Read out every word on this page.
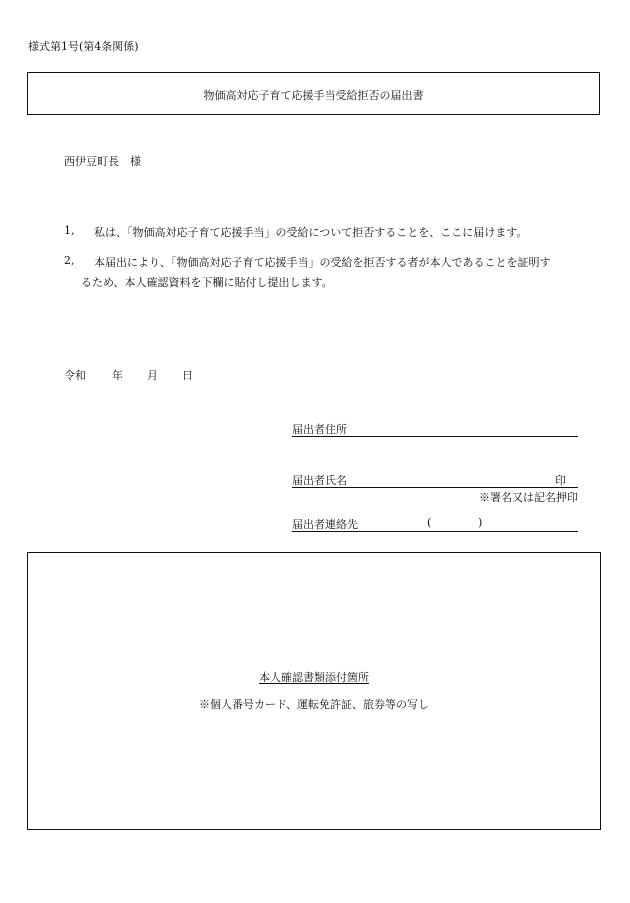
様式第1号(第4条関係)
物価高対応子育て応援手当受給拒否の届出書
西伊豆町長　様
1, 私は、「物価高対応子育て応援手当」の受給について拒否することを、ここに届けます。
2, 本届出により、「物価高対応子育て応援手当」の受給を拒否する者が本人であることを証明す
るため、本人確認資料を下欄に貼付し提出します。
令和 年 月 日
届出者住所
届出者氏名	印
※署名又は記名押印
届出者連絡先	(	)
本人確認書類添付箇所
※個人番号カード、運転免許証、旅券等の写し
